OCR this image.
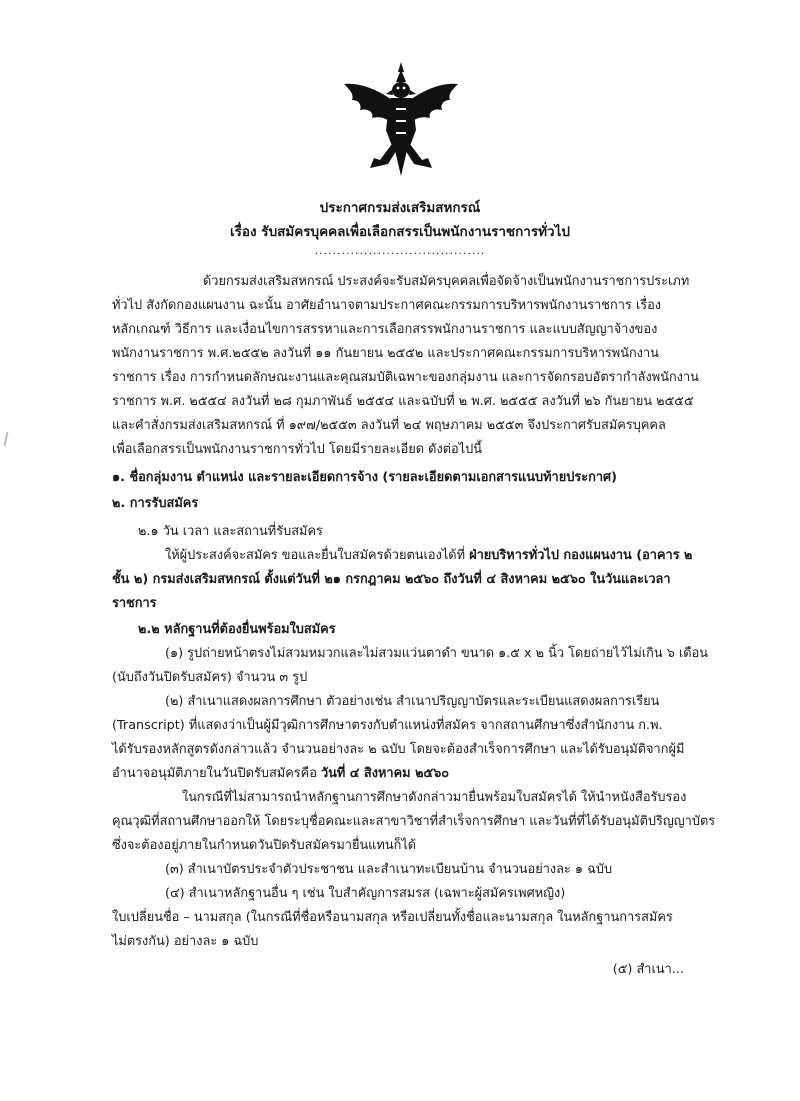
ประกาศกรมส่งเสริมสหกรณ์
เรื่อง รับสมัครบุคคลเพื่อเลือกสรรเป็นพนักงานราชการทั่วไป
......................................
ด้วยกรมส่งเสริมสหกรณ์ ประสงค์จะรับสมัครบุคคลเพื่อจัดจ้างเป็นพนักงานราชการประเภท
ทั่วไป สังกัดกองแผนงาน ฉะนั้น อาศัยอำนาจตามประกาศคณะกรรมการบริหารพนักงานราชการ เรื่อง
หลักเกณฑ์ วิธีการ และเงื่อนไขการสรรหาและการเลือกสรรพนักงานราชการ และแบบสัญญาจ้างของ
พนักงานราชการ พ.ศ.๒๕๕๒ ลงวันที่ ๑๑ กันยายน ๒๕๕๒ และประกาศคณะกรรมการบริหารพนักงาน
ราชการ เรื่อง การกำหนดลักษณะงานและคุณสมบัติเฉพาะของกลุ่มงาน และการจัดกรอบอัตรากำลังพนักงาน
ราชการ พ.ศ. ๒๕๕๔ ลงวันที่ ๒๘ กุมภาพันธ์ ๒๕๕๔ และฉบับที่ ๒ พ.ศ. ๒๕๕๕ ลงวันที่ ๒๖ กันยายน ๒๕๕๕
และคำสั่งกรมส่งเสริมสหกรณ์ ที่ ๑๙๗/๒๕๕๓ ลงวันที่ ๒๔ พฤษภาคม ๒๕๕๓ จึงประกาศรับสมัครบุคคล
เพื่อเลือกสรรเป็นพนักงานราชการทั่วไป โดยมีรายละเอียด ดังต่อไปนี้
๑. ชื่อกลุ่มงาน ตำแหน่ง และรายละเอียดการจ้าง (รายละเอียดตามเอกสารแนบท้ายประกาศ)
๒. การรับสมัคร
๒.๑ วัน เวลา และสถานที่รับสมัคร
ให้ผู้ประสงค์จะสมัคร ขอและยื่นใบสมัครด้วยตนเองได้ที่ ฝ่ายบริหารทั่วไป กองแผนงาน (อาคาร ๒
ชั้น ๒) กรมส่งเสริมสหกรณ์ ตั้งแต่วันที่ ๒๑ กรกฎาคม ๒๕๖๐ ถึงวันที่ ๔ สิงหาคม ๒๕๖๐ ในวันและเวลา
ราชการ
๒.๒ หลักฐานที่ต้องยื่นพร้อมใบสมัคร
(๑) รูปถ่ายหน้าตรงไม่สวมหมวกและไม่สวมแว่นตาดำ ขนาด ๑.๕ x ๒ นิ้ว โดยถ่ายไว้ไม่เกิน ๖ เดือน
(นับถึงวันปิดรับสมัคร) จำนวน ๓ รูป
(๒) สำเนาแสดงผลการศึกษา ตัวอย่างเช่น สำเนาปริญญาบัตรและระเบียนแสดงผลการเรียน
(Transcript) ที่แสดงว่าเป็นผู้มีวุฒิการศึกษาตรงกับตำแหน่งที่สมัคร จากสถานศึกษาซึ่งสำนักงาน ก.พ.
ได้รับรองหลักสูตรดังกล่าวแล้ว จำนวนอย่างละ ๒ ฉบับ โดยจะต้องสำเร็จการศึกษา และได้รับอนุมัติจากผู้มี
อำนาจอนุมัติภายในวันปิดรับสมัครคือ วันที่ ๔ สิงหาคม ๒๕๖๐
ในกรณีที่ไม่สามารถนำหลักฐานการศึกษาดังกล่าวมายื่นพร้อมใบสมัครได้ ให้นำหนังสือรับรอง
คุณวุฒิที่สถานศึกษาออกให้ โดยระบุชื่อคณะและสาขาวิชาที่สำเร็จการศึกษา และวันที่ที่ได้รับอนุมัติปริญญาบัตร
ซึ่งจะต้องอยู่ภายในกำหนดวันปิดรับสมัครมายื่นแทนก็ได้
(๓) สำเนาบัตรประจำตัวประชาชน และสำเนาทะเบียนบ้าน จำนวนอย่างละ ๑ ฉบับ
(๔) สำเนาหลักฐานอื่น ๆ เช่น ใบสำคัญการสมรส (เฉพาะผู้สมัครเพศหญิง)
ใบเปลี่ยนชื่อ – นามสกุล (ในกรณีที่ชื่อหรือนามสกุล หรือเปลี่ยนทั้งชื่อและนามสกุล ในหลักฐานการสมัคร
ไม่ตรงกัน) อย่างละ ๑ ฉบับ
(๕) สำเนา...
